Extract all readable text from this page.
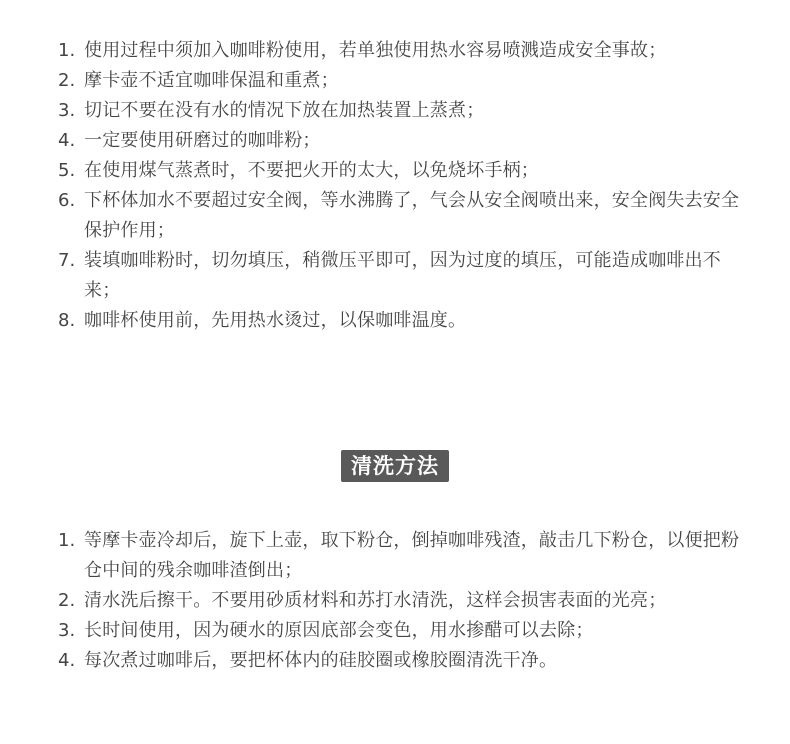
1. 使用过程中须加入咖啡粉使用，若单独使用热水容易喷溅造成安全事故；
2. 摩卡壶不适宜咖啡保温和重煮；
3. 切记不要在没有水的情况下放在加热装置上蒸煮；
4. 一定要使用研磨过的咖啡粉；
5. 在使用煤气蒸煮时，不要把火开的太大，以免烧坏手柄；
6. 下杯体加水不要超过安全阀，等水沸腾了，气会从安全阀喷出来，安全阀失去安全保护作用；
7. 装填咖啡粉时，切勿填压，稍微压平即可，因为过度的填压，可能造成咖啡出不来；
8. 咖啡杯使用前，先用热水烫过，以保咖啡温度。
清洗方法
1. 等摩卡壶冷却后，旋下上壶，取下粉仓，倒掉咖啡残渣，敲击几下粉仓，以便把粉仓中间的残余咖啡渣倒出；
2. 清水洗后擦干。不要用砂质材料和苏打水清洗，这样会损害表面的光亮；
3. 长时间使用，因为硬水的原因底部会变色，用水掺醋可以去除；
4. 每次煮过咖啡后，要把杯体内的硅胶圈或橡胶圈清洗干净。
